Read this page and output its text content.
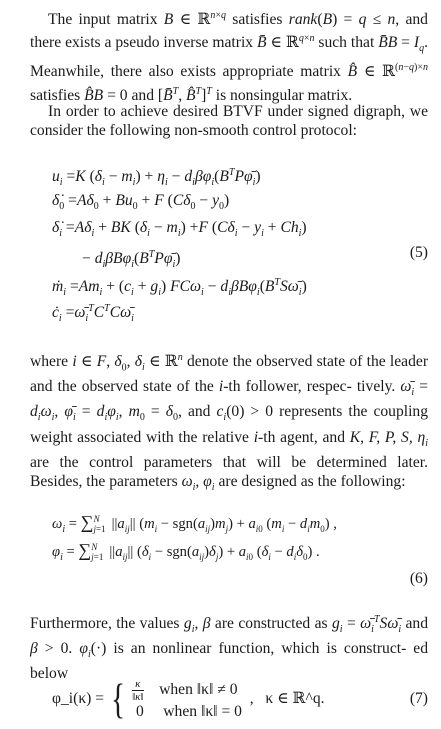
The input matrix B ∈ ℝ$^{n\times q}$ satisfies rank(B) = q ≤ n, and there exists a pseudo inverse matrix B̄ ∈ ℝ$^{q\times n}$ such that B̄B = $I_q$. Meanwhile, there also exists appropriate matrix B̂ ∈ ℝ$^{(n-q)\times n}$ satisfies B̂B = 0 and [B̄$^T$, B̂$^T$]$^T$ is nonsingular matrix.

In order to achieve desired BTVF under signed digraph, we consider the following non-smooth control protocol:

$u_i =K$ $(\delta_i - m_i) + \eta_i$ − $d_i\beta\varphi_i(B^TP\varphī_i)$
$\deltȧ_0 =A\delta_0 + Bu_0 + F$ $(C\delta_0 - y_0)$
$\deltȧ_i =A\delta_i$ + BK $(\delta_i - m_i) +F$ $(C\delta_i - y_i + Ch_i)$
− $d_i\beta B\varphi_i(B^TP\varphī_i)$
ṁ$_i$ $=Am_i + (c_i + g_i) FC\omega_i$ − $d_i\beta B\varphi_i(B^TS\omegā_i)$
$ċ_i$ $=\omegā_i^TC^TC\omegā_i$
(5)

where i ∈ F, $\delta_0$, $\delta_i$ ∈ ℝ$^n$ denote the observed state of the leader and the observed state of the i-th follower, respec- tively. $\omegā_i = d_i\omega_i$, $\varphī_i = d_i\varphi_i$, $m_0 = \delta_0$, and $c_i(0) > 0$ represents the coupling weight associated with the relative i-th agent, and K, F, P, S, $\eta_i$ are the control parameters that will be determined later. Besides, the parameters $\omega_i$, $\varphi_i$ are designed as the following:

$\omega_i = \sum_{j=1}^N$ $||a_{ij}||$ $(m_i - sgn(a_{ij})m_j) + a_{i0}$ $(m_i - d_im_0)$ ,
$\varphi_i = \sum_{j=1}^N$ $||a_{ij}||$ $(\delta_i - sgn(a_{ij})\delta_j) + a_{i0}$ $(\delta_i - d_i\delta_0)$ .
(6)

Furthermore, the values $g_i$, β are constructed as $g_i$ = $\omegā_i^TS\omegā_i$ and β > 0. $\varphi_i(\cdot)$ is an nonlinear function, which is construct- ed below

φ_i(κ) = { $\frac{\kappa}{‖\kappa‖}$ when ‖κ‖ ≠ 0
0 when ‖κ‖ = 0
,   κ ∈ ℝ^q.	(7)
